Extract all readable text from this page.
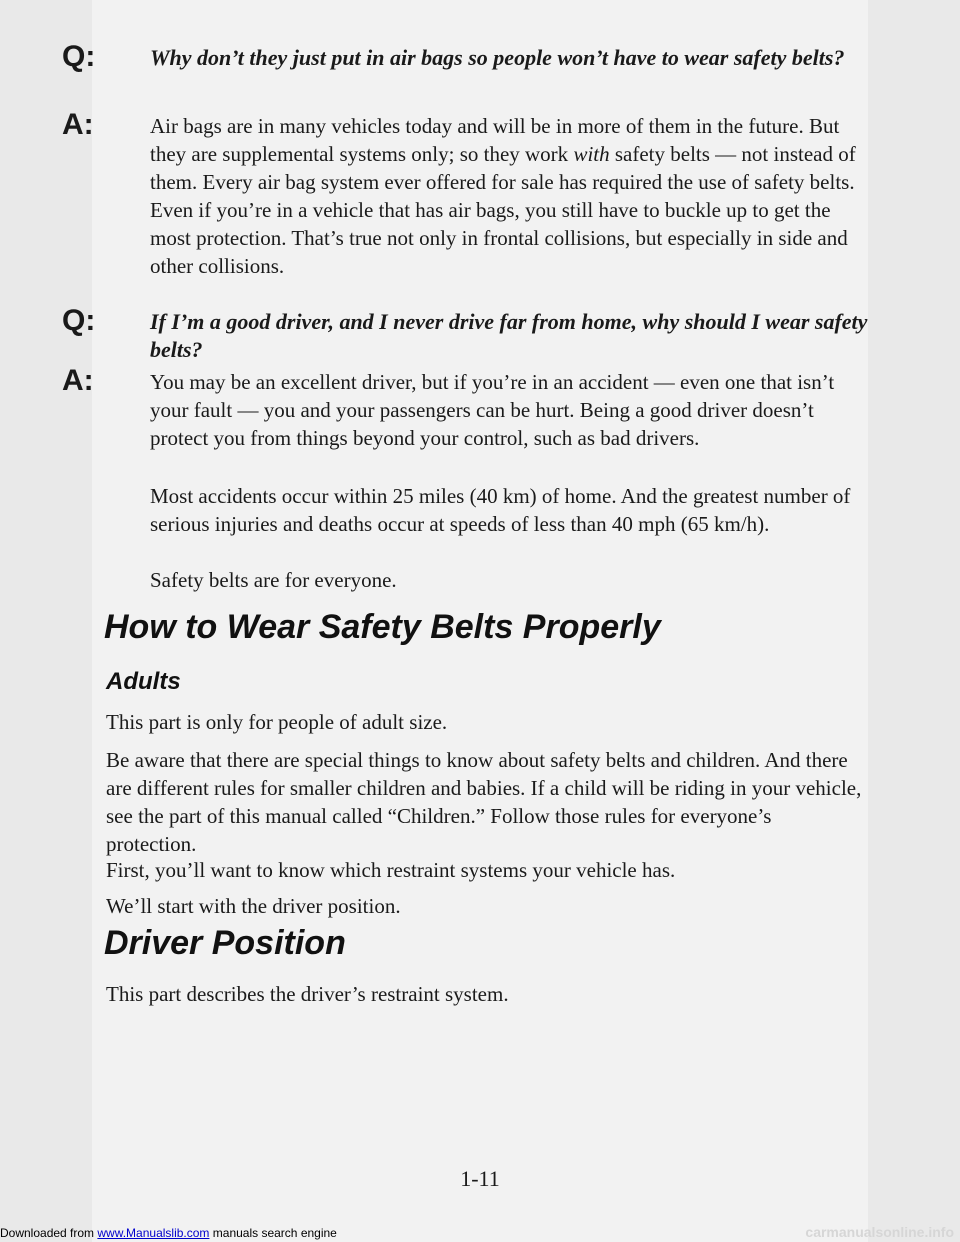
Q: Why don’t they just put in air bags so people won’t have to wear safety belts?

A:	Air bags are in many vehicles today and will be in more of them in the future. But they are supplemental systems only; so they work with safety belts — not instead of them. Every air bag system ever offered for sale has required the use of safety belts. Even if you’re in a vehicle that has air bags, you still have to buckle up to get the most protection. That’s true not only in frontal collisions, but especially in side and other collisions.

Q: If I’m a good driver, and I never drive far from home, why should I wear safety belts?

A:	You may be an excellent driver, but if you’re in an accident — even one that isn’t your fault — you and your passengers can be hurt. Being a good driver doesn’t protect you from things beyond your control, such as bad drivers.

Most accidents occur within 25 miles (40 km) of home. And the greatest number of serious injuries and deaths occur at speeds of less than 40 mph (65 km/h).

Safety belts are for everyone.

How to Wear Safety Belts Properly
Adults

This part is only for people of adult size.

Be aware that there are special things to know about safety belts and children. And there are different rules for smaller children and babies. If a child will be riding in your vehicle, see the part of this manual called “Children.” Follow those rules for everyone’s protection.

First, you’ll want to know which restraint systems your vehicle has.

We’ll start with the driver position.

Driver Position

This part describes the driver’s restraint system.

1-11
Downloaded from www.Manualslib.com manuals search engine	carmanualsonline.info
